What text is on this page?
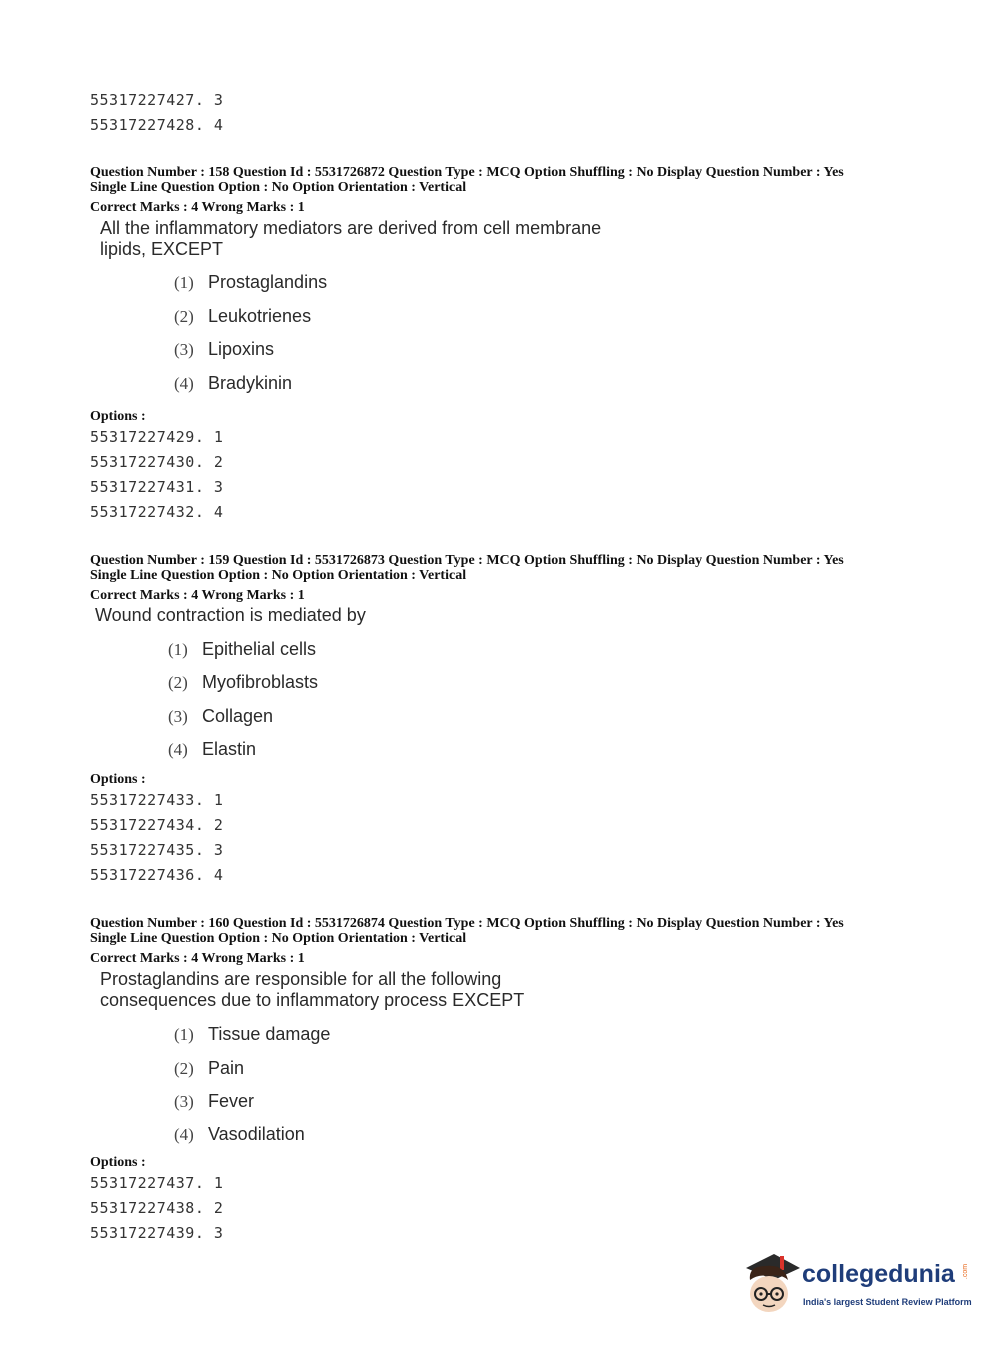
55317227427. 3
55317227428. 4
Question Number : 158 Question Id : 5531726872 Question Type : MCQ Option Shuffling : No Display Question Number : Yes
Single Line Question Option : No Option Orientation : Vertical
Correct Marks : 4 Wrong Marks : 1
All the inflammatory mediators are derived from cell membrane
lipids, EXCEPT
(1) Prostaglandins
(2) Leukotrienes
(3) Lipoxins
(4) Bradykinin
Options :
55317227429. 1
55317227430. 2
55317227431. 3
55317227432. 4
Question Number : 159 Question Id : 5531726873 Question Type : MCQ Option Shuffling : No Display Question Number : Yes
Single Line Question Option : No Option Orientation : Vertical
Correct Marks : 4 Wrong Marks : 1
Wound contraction is mediated by
(1) Epithelial cells
(2) Myofibroblasts
(3) Collagen
(4) Elastin
Options :
55317227433. 1
55317227434. 2
55317227435. 3
55317227436. 4
Question Number : 160 Question Id : 5531726874 Question Type : MCQ Option Shuffling : No Display Question Number : Yes
Single Line Question Option : No Option Orientation : Vertical
Correct Marks : 4 Wrong Marks : 1
Prostaglandins are responsible for all the following
consequences due to inflammatory process EXCEPT
(1) Tissue damage
(2) Pain
(3) Fever
(4) Vasodilation
Options :
55317227437. 1
55317227438. 2
55317227439. 3
collegedunia .com
India's largest Student Review Platform
